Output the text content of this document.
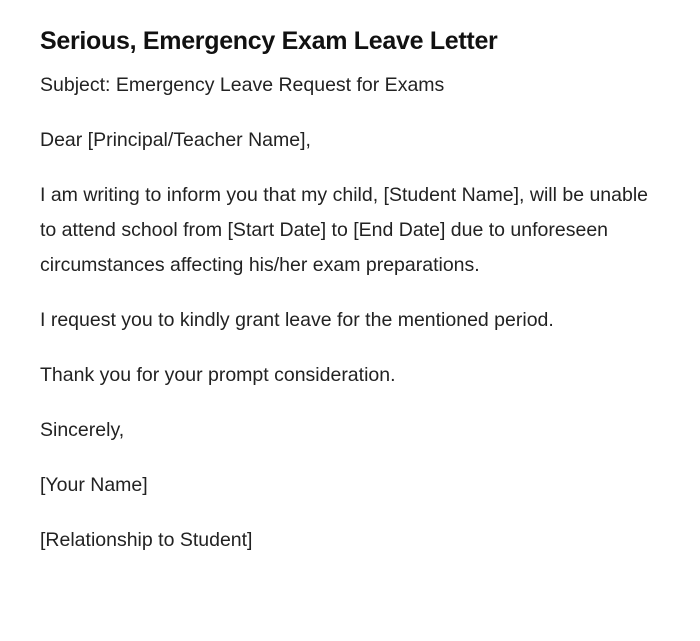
Serious, Emergency Exam Leave Letter

Subject: Emergency Leave Request for Exams

Dear [Principal/Teacher Name],

I am writing to inform you that my child, [Student Name], will be unable to attend school from [Start Date] to [End Date] due to unforeseen circumstances affecting his/her exam preparations.

I request you to kindly grant leave for the mentioned period.

Thank you for your prompt consideration.

Sincerely,

[Your Name]

[Relationship to Student]
